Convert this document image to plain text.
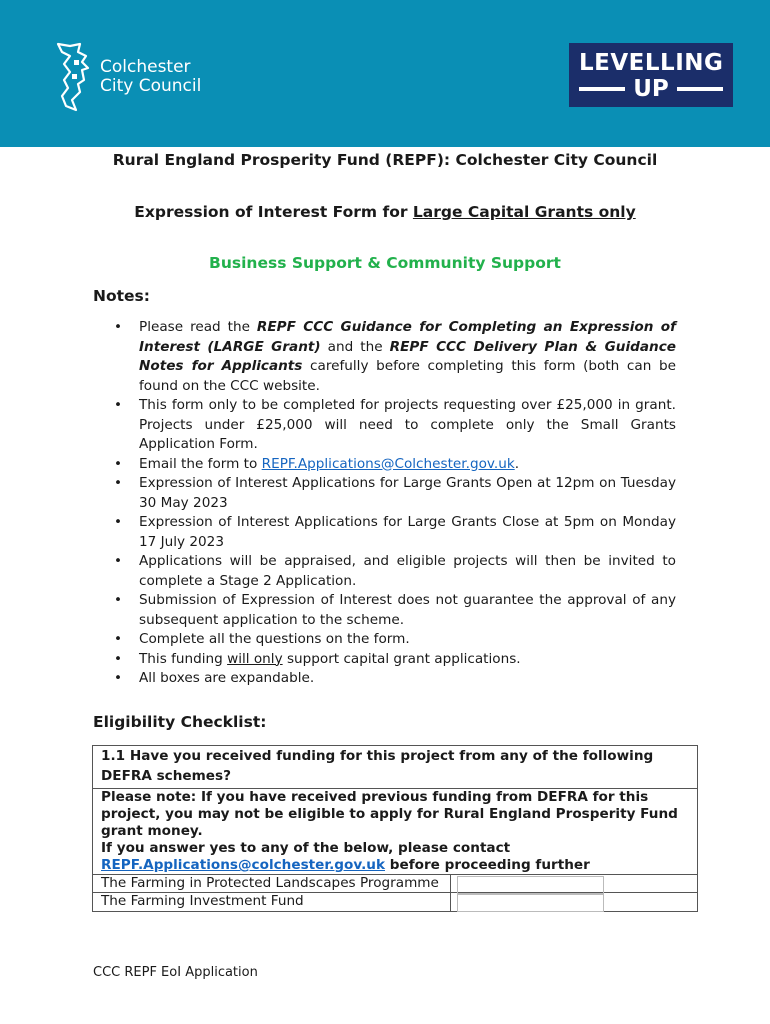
Colchester
City Council
LEVELLING
UP
Rural England Prosperity Fund (REPF): Colchester City Council
Expression of Interest Form for Large Capital Grants only
Business Support & Community Support
Notes:
• Please read the REPF CCC Guidance for Completing an Expression of Interest (LARGE Grant) and the REPF CCC Delivery Plan & Guidance Notes for Applicants carefully before completing this form (both can be found on the CCC website.
• This form only to be completed for projects requesting over £25,000 in grant. Projects under £25,000 will need to complete only the Small Grants Application Form.
• Email the form to REPF.Applications@Colchester.gov.uk.
• Expression of Interest Applications for Large Grants Open at 12pm on Tuesday 30 May 2023
• Expression of Interest Applications for Large Grants Close at 5pm on Monday 17 July 2023
• Applications will be appraised, and eligible projects will then be invited to complete a Stage 2 Application.
• Submission of Expression of Interest does not guarantee the approval of any subsequent application to the scheme.
• Complete all the questions on the form.
• This funding will only support capital grant applications.
• All boxes are expandable.
Eligibility Checklist:
1.1 Have you received funding for this project from any of the following DEFRA schemes?
Please note: If you have received previous funding from DEFRA for this project, you may not be eligible to apply for Rural England Prosperity Fund grant money.
If you answer yes to any of the below, please contact REPF.Applications@colchester.gov.uk before proceeding further
The Farming in Protected Landscapes Programme
The Farming Investment Fund
CCC REPF EoI Application
